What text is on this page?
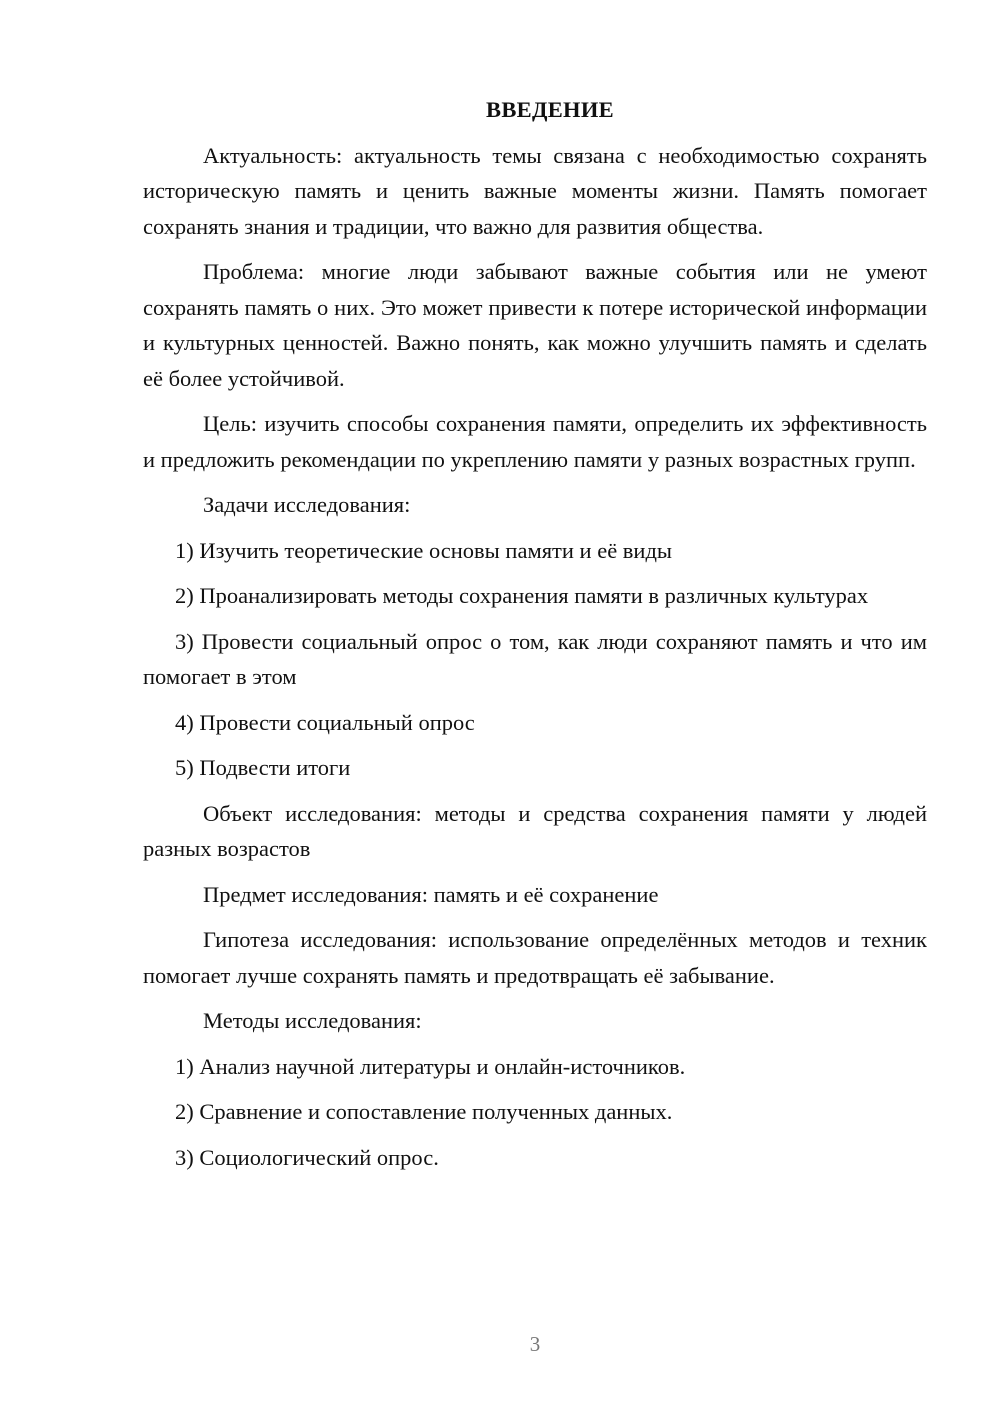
ВВЕДЕНИЕ

Актуальность: актуальность темы связана с необходимостью сохранять историческую память и ценить важные моменты жизни. Память помогает сохранять знания и традиции, что важно для развития общества.

Проблема: многие люди забывают важные события или не умеют сохранять память о них. Это может привести к потере исторической информации и культурных ценностей. Важно понять, как можно улучшить память и сделать её более устойчивой.

Цель: изучить способы сохранения памяти, определить их эффективность и предложить рекомендации по укреплению памяти у разных возрастных групп.

Задачи исследования:

1) Изучить теоретические основы памяти и её виды

2) Проанализировать методы сохранения памяти в различных культурах

3) Провести социальный опрос о том, как люди сохраняют память и что им помогает в этом

4) Провести социальный опрос

5) Подвести итоги

Объект исследования: методы и средства сохранения памяти у людей разных возрастов

Предмет исследования: память и её сохранение

Гипотеза исследования: использование определённых методов и техник помогает лучше сохранять память и предотвращать её забывание.

Методы исследования:

1) Анализ научной литературы и онлайн-источников.

2) Сравнение и сопоставление полученных данных.

3) Социологический опрос.

3
